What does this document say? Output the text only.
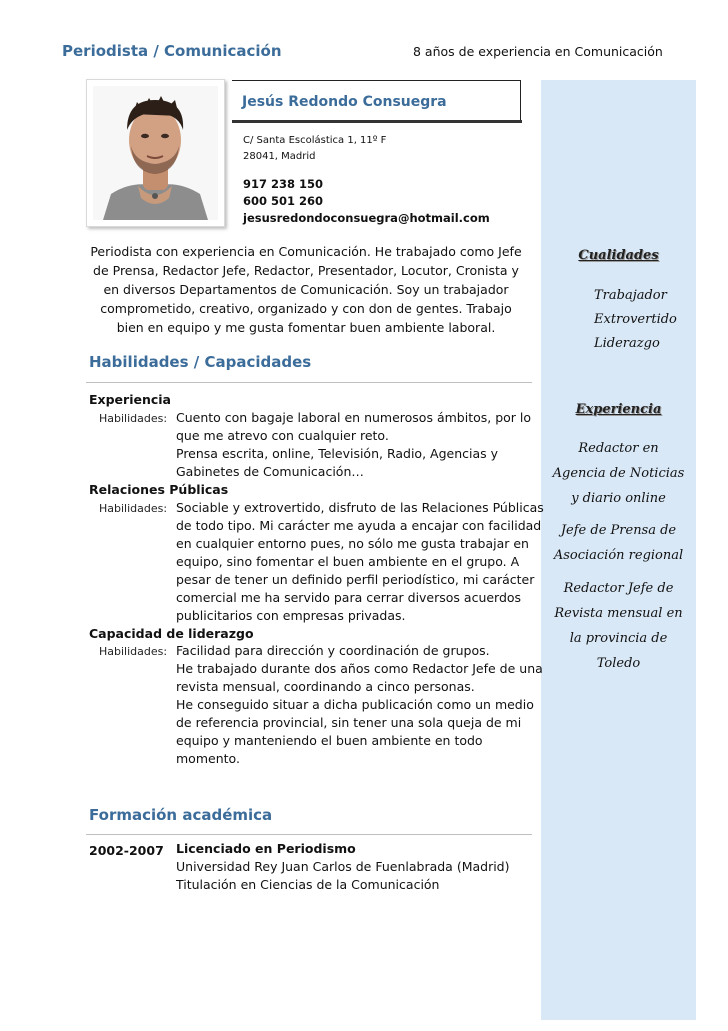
Periodista / Comunicación	8 años de experiencia en Comunicación
Jesús Redondo Consuegra
C/ Santa Escolástica 1, 11º F
28041, Madrid
917 238 150
600 501 260
jesusredondoconsuegra@hotmail.com
Periodista con experiencia en Comunicación. He trabajado como Jefe
de Prensa, Redactor Jefe, Redactor, Presentador, Locutor, Cronista y
en diversos Departamentos de Comunicación. Soy un trabajador
comprometido, creativo, organizado y con don de gentes. Trabajo
bien en equipo y me gusta fomentar buen ambiente laboral.
Habilidades / Capacidades
Experiencia
Habilidades: Cuento con bagaje laboral en numerosos ámbitos, por lo
que me atrevo con cualquier reto.
Prensa escrita, online, Televisión, Radio, Agencias y
Gabinetes de Comunicación…
Relaciones Públicas
Habilidades: Sociable y extrovertido, disfruto de las Relaciones Públicas
de todo tipo. Mi carácter me ayuda a encajar con facilidad
en cualquier entorno pues, no sólo me gusta trabajar en
equipo, sino fomentar el buen ambiente en el grupo. A
pesar de tener un definido perfil periodístico, mi carácter
comercial me ha servido para cerrar diversos acuerdos
publicitarios con empresas privadas.
Capacidad de liderazgo
Habilidades: Facilidad para dirección y coordinación de grupos.
He trabajado durante dos años como Redactor Jefe de una
revista mensual, coordinando a cinco personas.
He conseguido situar a dicha publicación como un medio
de referencia provincial, sin tener una sola queja de mi
equipo y manteniendo el buen ambiente en todo
momento.
Formación académica
2002-2007 Licenciado en Periodismo
Universidad Rey Juan Carlos de Fuenlabrada (Madrid)
Titulación en Ciencias de la Comunicación
Cualidades
Trabajador
Extrovertido
Liderazgo
Experiencia
Redactor en
Agencia de Noticias
y diario online
Jefe de Prensa de
Asociación regional
Redactor Jefe de
Revista mensual en
la provincia de
Toledo
